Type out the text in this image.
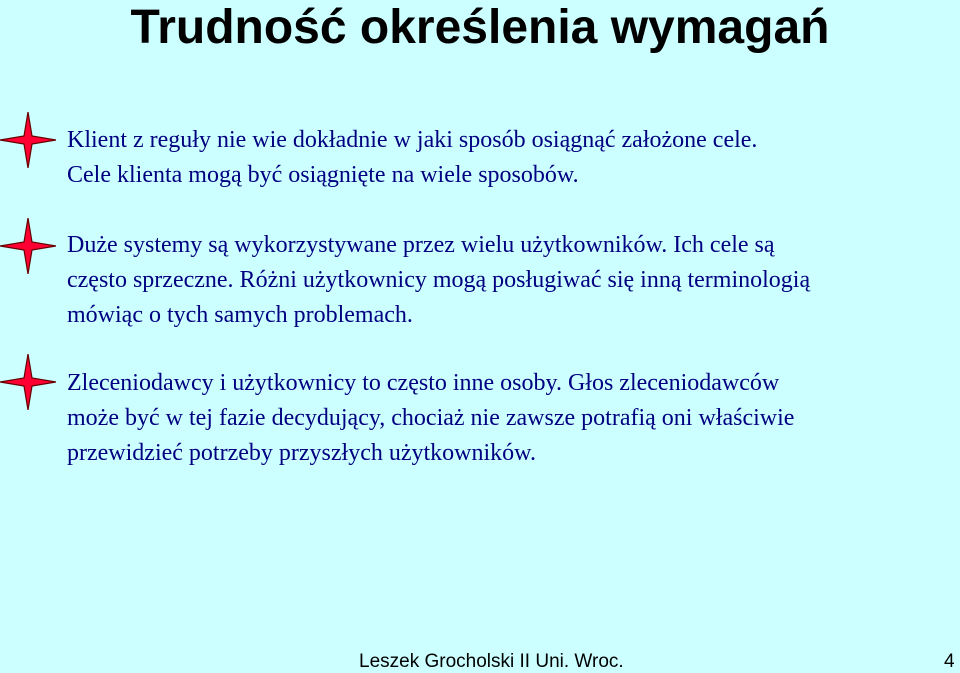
Trudność określenia wymagań

Klient z reguły nie wie dokładnie w jaki sposób osiągnąć założone cele.
Cele klienta mogą być osiągnięte na wiele sposobów.

Duże systemy są wykorzystywane przez wielu użytkowników. Ich cele są
często sprzeczne. Różni użytkownicy mogą posługiwać się inną terminologią
mówiąc o tych samych problemach.

Zleceniodawcy i użytkownicy to często inne osoby. Głos zleceniodawców
może być w tej fazie decydujący, chociaż nie zawsze potrafią oni właściwie
przewidzieć potrzeby przyszłych użytkowników.

Leszek Grocholski II Uni. Wroc.	4
